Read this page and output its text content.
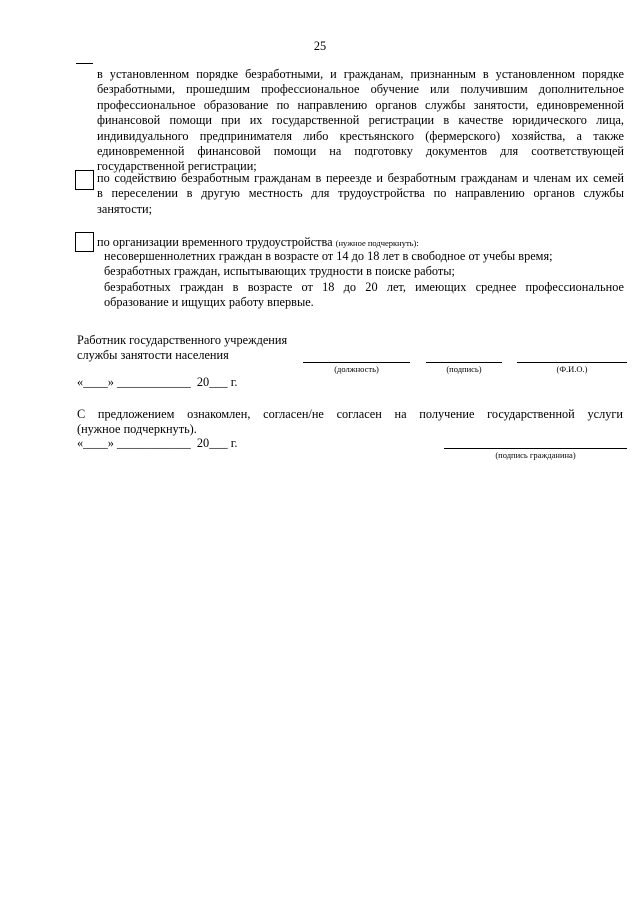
25
в установленном порядке безработными, и гражданам, признанным в установленном порядке
безработными, прошедшим профессиональное обучение или получившим дополнительное
профессиональное образование по направлению органов службы занятости, единовременной
финансовой помощи при их государственной регистрации в качестве юридического лица,
индивидуального предпринимателя либо крестьянского (фермерского) хозяйства, а также
единовременной финансовой помощи на подготовку документов для соответствующей
государственной регистрации;
по содействию безработным гражданам в переезде и безработным гражданам и членам их семей
в переселении в другую местность для трудоустройства по направлению органов службы
занятости;
по организации временного трудоустройства (нужное подчеркнуть):
несовершеннолетних граждан в возрасте от 14 до 18 лет в свободное от учебы время;
безработных граждан, испытывающих трудности в поиске работы;
безработных граждан в возрасте от 18 до 20 лет, имеющих среднее профессиональное
образование и ищущих работу впервые.
Работник государственного учреждения
службы занятости населения
(должность)	(подпись)	(Ф.И.О.)
«____» ____________  20___ г.
С предложением ознакомлен, согласен/не согласен на получение государственной услуги
(нужное подчеркнуть).
«____» ____________  20___ г.
(подпись гражданина)
